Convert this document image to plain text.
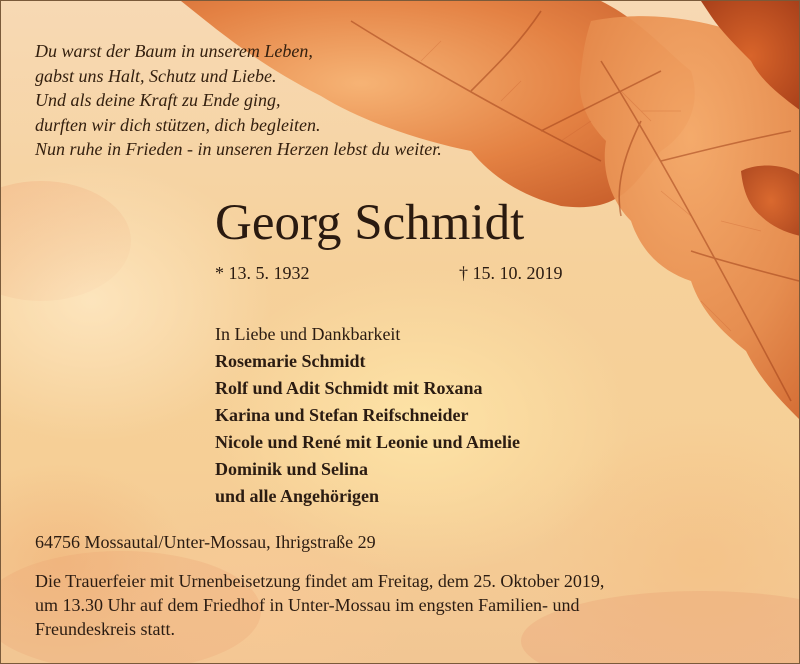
Du warst der Baum in unserem Leben,
gabst uns Halt, Schutz und Liebe.
Und als deine Kraft zu Ende ging,
durften wir dich stützen, dich begleiten.
Nun ruhe in Frieden - in unseren Herzen lebst du weiter.

Georg Schmidt
* 13. 5. 1932	† 15. 10. 2019
In Liebe und Dankbarkeit
Rosemarie Schmidt
Rolf und Adit Schmidt mit Roxana
Karina und Stefan Reifschneider
Nicole und René mit Leonie und Amelie
Dominik und Selina
und alle Angehörigen
64756 Mossautal/Unter-Mossau, Ihrigstraße 29

Die Trauerfeier mit Urnenbeisetzung findet am Freitag, dem 25. Oktober 2019,
um 13.30 Uhr auf dem Friedhof in Unter-Mossau im engsten Familien- und
Freundeskreis statt.
